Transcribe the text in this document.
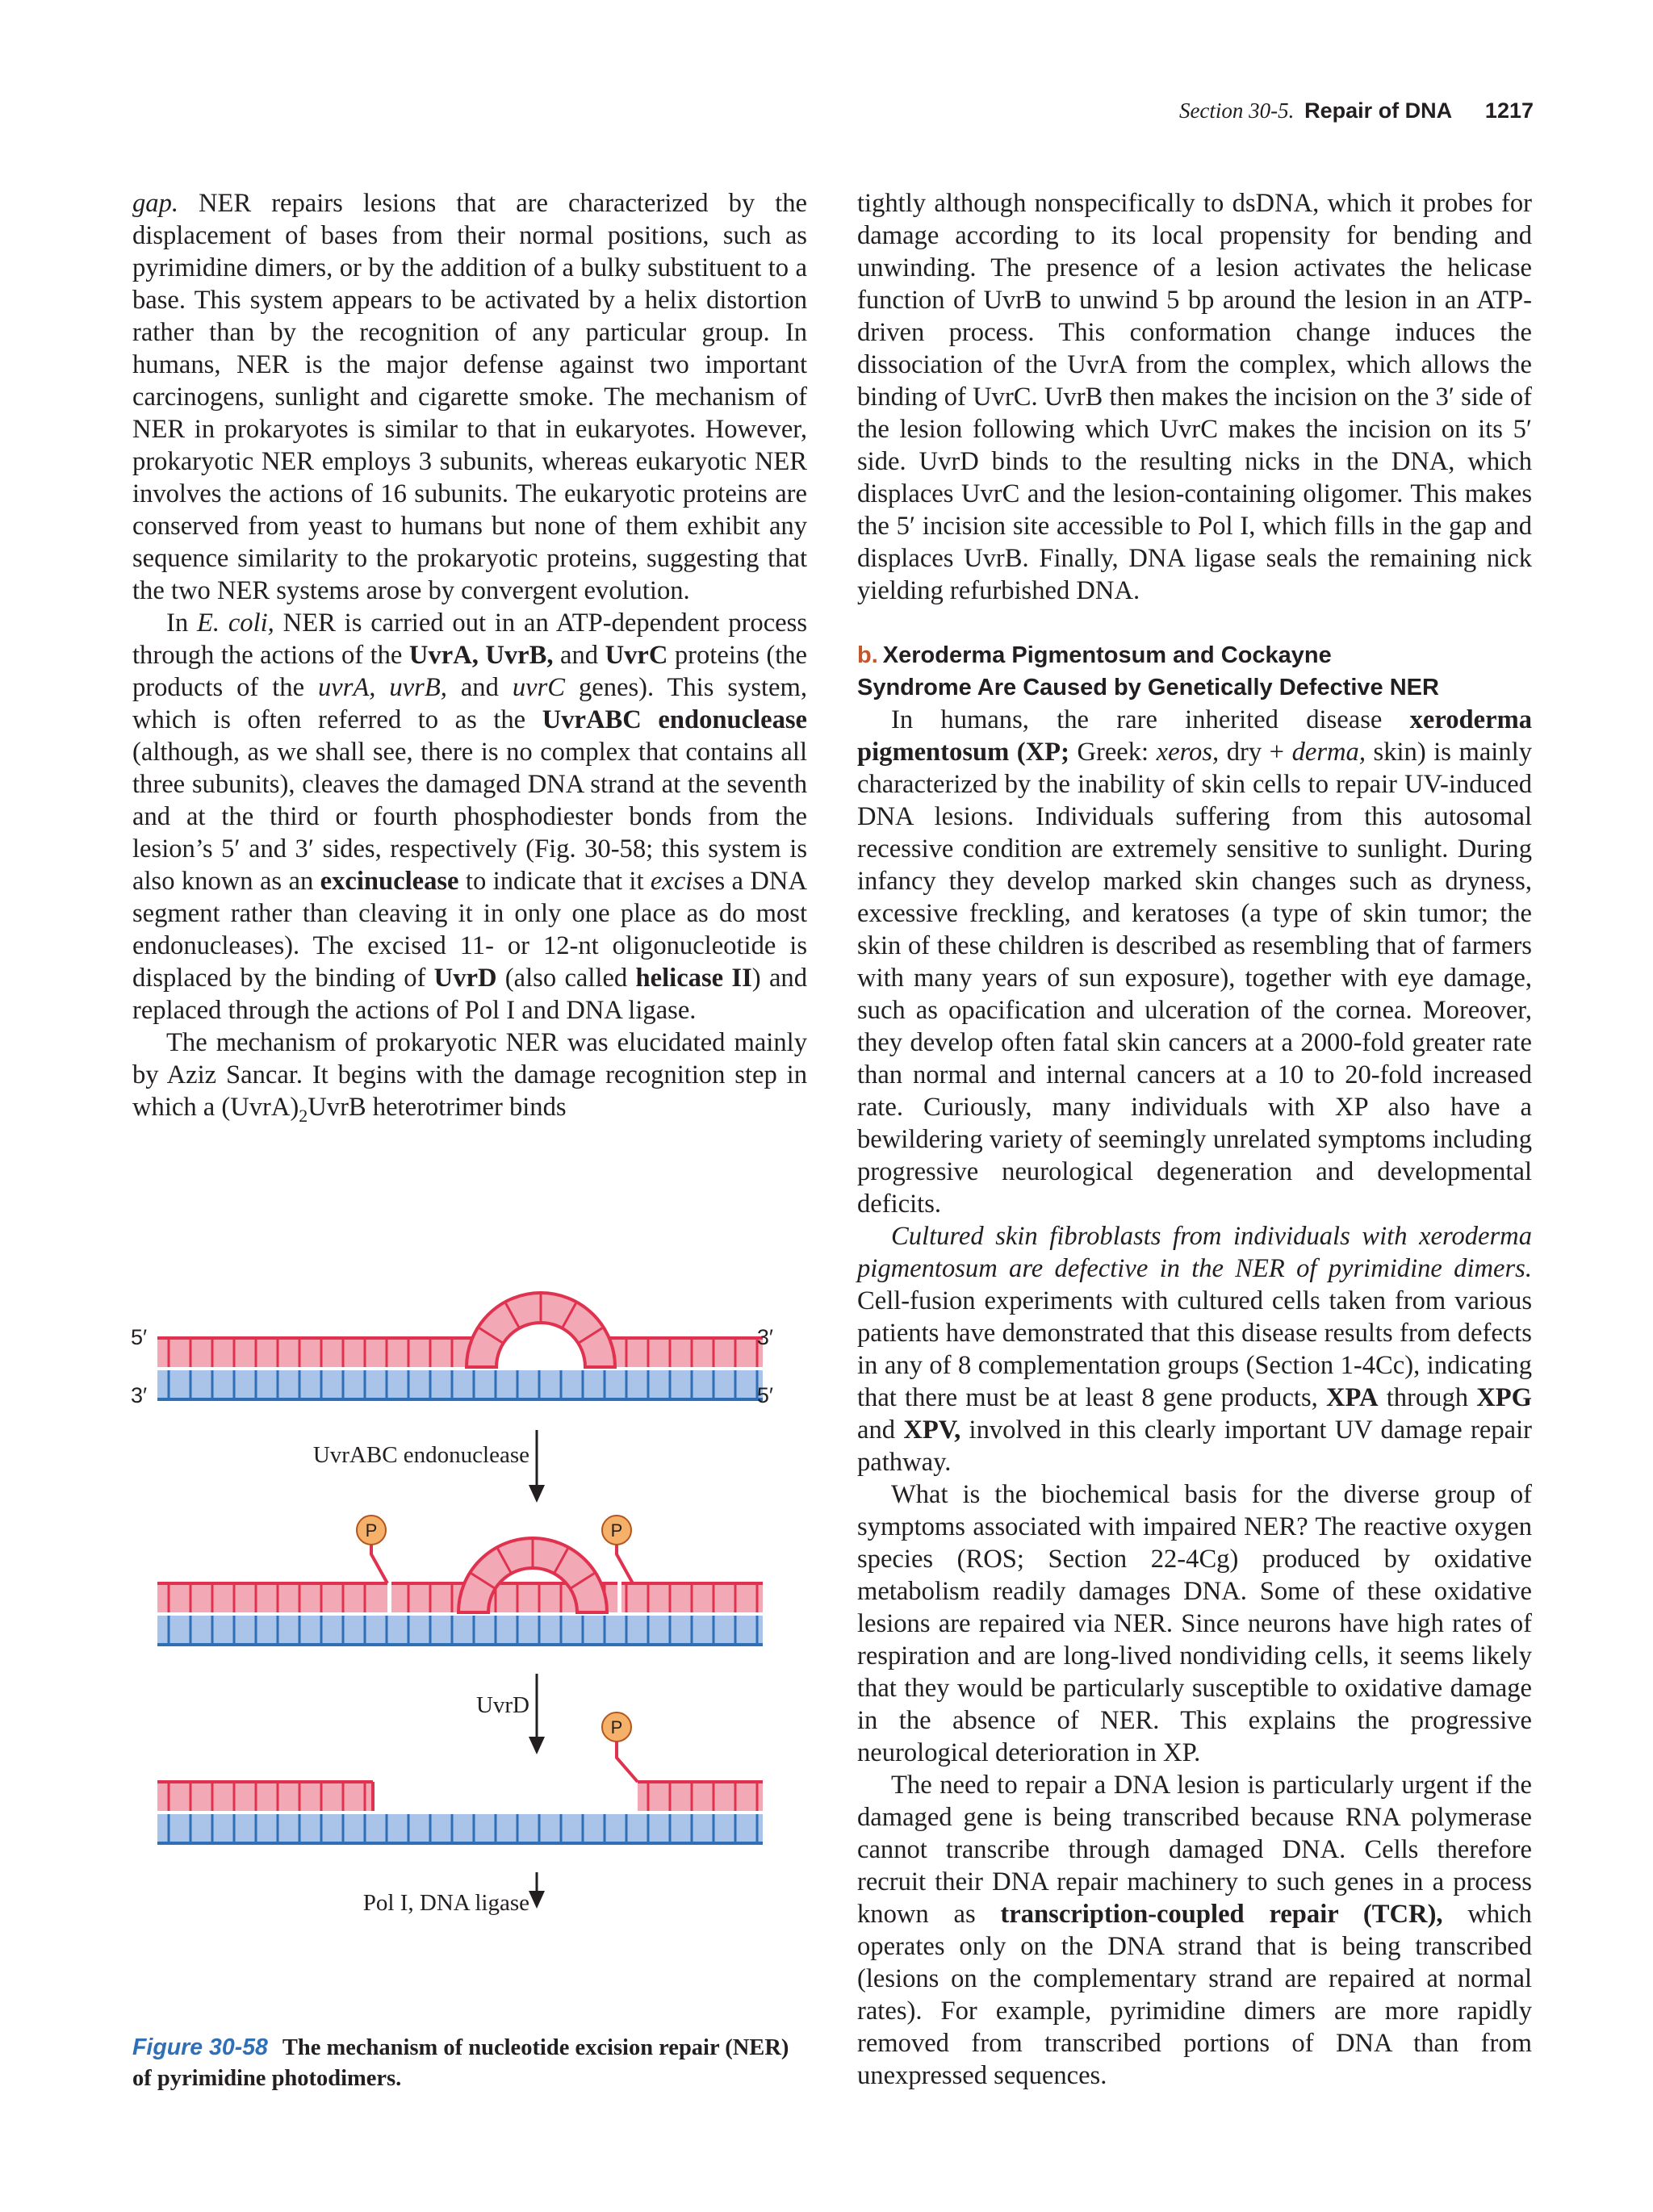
Section 30-5. Repair of DNA 1217

gap. NER repairs lesions that are characterized by the displacement of bases from their normal positions, such as pyrimidine dimers, or by the addition of a bulky substituent to a base. This system appears to be activated by a helix distortion rather than by the recognition of any particular group. In humans, NER is the major defense against two important carcinogens, sunlight and cigarette smoke. The mechanism of NER in prokaryotes is similar to that in eukaryotes. However, prokaryotic NER employs 3 subunits, whereas eukaryotic NER involves the actions of 16 subunits. The eukaryotic proteins are conserved from yeast to humans but none of them exhibit any sequence similarity to the prokaryotic proteins, suggesting that the two NER systems arose by convergent evolution.

In E. coli, NER is carried out in an ATP-dependent process through the actions of the UvrA, UvrB, and UvrC proteins (the products of the uvrA, uvrB, and uvrC genes). This system, which is often referred to as the UvrABC endonuclease (although, as we shall see, there is no complex that contains all three subunits), cleaves the damaged DNA strand at the seventh and at the third or fourth phosphodiester bonds from the lesion’s 5′ and 3′ sides, respectively (Fig. 30-58; this system is also known as an excinuclease to indicate that it excises a DNA segment rather than cleaving it in only one place as do most endonucleases). The excised 11- or 12-nt oligonucleotide is displaced by the binding of UvrD (also called helicase II) and replaced through the actions of Pol I and DNA ligase.

The mechanism of prokaryotic NER was elucidated mainly by Aziz Sancar. It begins with the damage recognition step in which a $(UvrA)_2UvrB$ heterotrimer binds

tightly although nonspecifically to dsDNA, which it probes for damage according to its local propensity for bending and unwinding. The presence of a lesion activates the helicase function of UvrB to unwind 5 bp around the lesion in an ATP-driven process. This conformation change induces the dissociation of the UvrA from the complex, which allows the binding of UvrC. UvrB then makes the incision on the 3′ side of the lesion following which UvrC makes the incision on its 5′ side. UvrD binds to the resulting nicks in the DNA, which displaces UvrC and the lesion-containing oligomer. This makes the 5′ incision site accessible to Pol I, which fills in the gap and displaces UvrB. Finally, DNA ligase seals the remaining nick yielding refurbished DNA.

b. Xeroderma Pigmentosum and Cockayne
Syndrome Are Caused by Genetically Defective NER

In humans, the rare inherited disease xeroderma pigmentosum (XP; Greek: xeros, dry + derma, skin) is mainly characterized by the inability of skin cells to repair UV-induced DNA lesions. Individuals suffering from this autosomal recessive condition are extremely sensitive to sunlight. During infancy they develop marked skin changes such as dryness, excessive freckling, and keratoses (a type of skin tumor; the skin of these children is described as resembling that of farmers with many years of sun exposure), together with eye damage, such as opacification and ulceration of the cornea. Moreover, they develop often fatal skin cancers at a 2000-fold greater rate than normal and internal cancers at a 10 to 20-fold increased rate. Curiously, many individuals with XP also have a bewildering variety of seemingly unrelated symptoms including progressive neurological degeneration and developmental deficits.

Cultured skin fibroblasts from individuals with xeroderma pigmentosum are defective in the NER of pyrimidine dimers. Cell-fusion experiments with cultured cells taken from various patients have demonstrated that this disease results from defects in any of 8 complementation groups (Section 1-4Cc), indicating that there must be at least 8 gene products, XPA through XPG and XPV, involved in this clearly important UV damage repair pathway.

What is the biochemical basis for the diverse group of symptoms associated with impaired NER? The reactive oxygen species (ROS; Section 22-4Cg) produced by oxidative metabolism readily damages DNA. Some of these oxidative lesions are repaired via NER. Since neurons have high rates of respiration and are long-lived nondividing cells, it seems likely that they would be particularly susceptible to oxidative damage in the absence of NER. This explains the progressive neurological deterioration in XP.

The need to repair a DNA lesion is particularly urgent if the damaged gene is being transcribed because RNA polymerase cannot transcribe through damaged DNA. Cells therefore recruit their DNA repair machinery to such genes in a process known as transcription-coupled repair (TCR), which operates only on the DNA strand that is being transcribed (lesions on the complementary strand are repaired at normal rates). For example, pyrimidine dimers are more rapidly removed from transcribed portions of DNA than from unexpressed sequences.

P	P
P
5′
3′
3′
5′
UvrABC endonuclease
UvrD
Pol I, DNA ligase
Figure 30-58 The mechanism of nucleotide excision repair (NER) of pyrimidine photodimers.
